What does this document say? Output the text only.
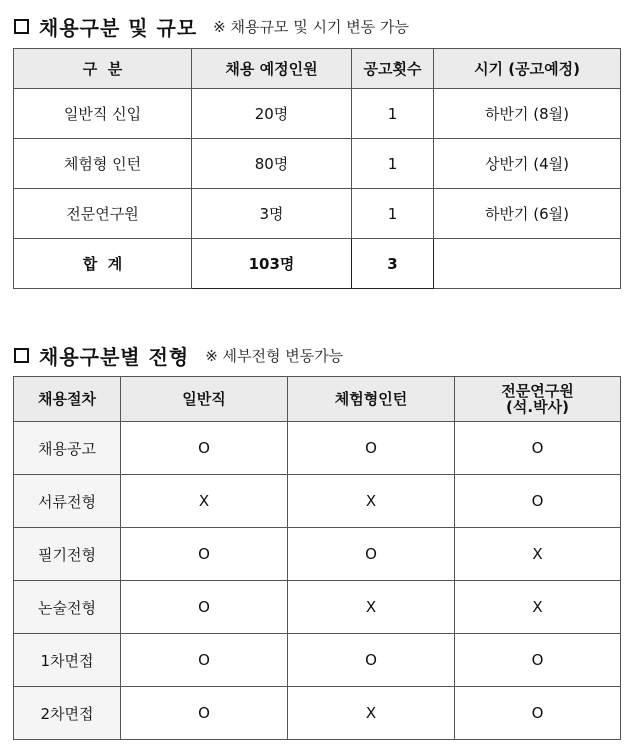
채용구분 및 규모 ※ 채용규모 및 시기 변동 가능
구  분	채용 예정인원	공고횟수	시기 (공고예정)
일반직 신입	20명	1	하반기 (8월)
체험형 인턴	80명	1	상반기 (4월)
전문연구원	3명	1	하반기 (6월)
합  계	103명	3	
채용구분별 전형 ※ 세부전형 변동가능
채용절차	일반직	체험형인턴	전문연구원
(석.박사)

채용공고	O	O	O
서류전형	X	X	O
필기전형	O	O	X
논술전형	O	X	X
1차면접	O	O	O
2차면접	O	X	O
